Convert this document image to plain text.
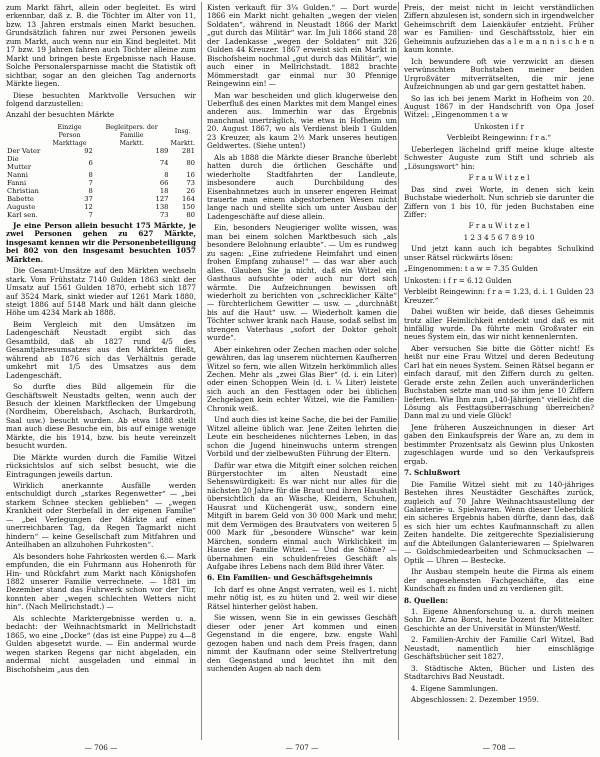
zum Markt fährt, allein oder begleitet. Es wird erkennbar, daß z. B. die Töchter im Alter von 11, bzw. 13 Jahren erstmals einen Markt besuchen. Grundsätzlich fahren nur zwei Personen jeweils zum Markt, auch wenn nur ein Kind begleitet. Mit 17 bzw. 19 Jahren fahren auch Töchter alleine zum Markt und bringen beste Ergebnisse nach Hause. Solche Personalersparnisse macht die Statistik oft sichtbar, sogar an den gleichen Tag andernorts Märkte liegen.

Diese besuchten Marktvolle Versuchen wir folgend darzustellen:

Anzahl der besuchten Märkte

	Einzige Person	Begleitpers. der Familie	Insg.
	Markttage	Marktt.	Marktt.
Der Vater	92	189	281
Die Mutter	6	74	80
Nanni	8	8	16
Fanni	7	66	73
Christian	8	18	26
Babette	37	127	164
Auguste	12	138	150
Karl sen.	7	73	80

Je eine Person allein besucht 175 Märkte, je zwei Personen gehen zu 627 Märkte, insgesamt kennen wir die Personenbeteiligung bei 802 von den insgesamt besuchten 1057 Märkten.

Die Gesamt-Umsätze auf den Märkten wechseln stark. Vom Frühstatz 7140 Gulden 1863 sinkt der Umsatz auf 1561 Gulden 1870, erhebt sich 1877 auf 3524 Mark, sinkt wieder auf 1261 Mark 1880, steigt 1886 auf 5148 Mark und hält dann gleiche Höhe um 4234 Mark ab 1888.

Beim Vergleich mit den Umsätzen im Ladengeschäft Neustadt ergibt sich das Gesamtbild, daß ab 1827 rund 4/5 des Gesamtjahresumsatzes aus den Märkten fließt, während ab 1876 sich das Verhältnis gerade umkehrt mit 1/5 des Umsatzes aus dem Ladengeschäft.

So durfte dies Bild allgemein für die Geschäftswelt Neustadts gelten, wenn auch der Besuch der kleinen Marktflecken der Umgebung (Nordheim, Oberelsbach, Aschach, Burkardroth, Saal usw.) besucht wurden. Ab etwa 1888 stellt man auch diese Besuche ein, bis auf einige wenige Märkte, die bis 1914, bzw. bis heute vereinzelt besucht wurden.

Die Märkte wurden durch die Familie Witzel rücksichtslos auf sich selbst besucht, wie die Eintragungen jeweils dartun.

Wirklich anerkannte Ausfälle werden entschuldigt durch „starkes Regenwetter“ — „bei starkem Schnee stecken geblieben“ — „wegen Krankheit oder Sterbefall in der eigenen Familie“ — „bei Verlegungen der Märkte auf einen unerreichbaren Tag, da Regen Tagmarkt nicht hindern“ — keine Gesellschaft zum Mitfahren und Anteilhaben an allzuhohen Fuhrkosten“.

Als besonders hohe Fahrkosten werden 6.— Mark empfunden, die ein Fuhrmann aus Hohenroth für Hin- und Rückfahrt zum Markt nach Königshofen 1882 unserer Familie verrechnete. — 1881 im Dezember stand das Fuhrwerk schon vor der Tür, konnten aber „wegen schlechten Wetters nicht hin“. (Nach Mellrichstadt.) —

Als schlechte Marktergebnisse werden u. a. bedacht: der Weihnachtsmarkt in Mellrichstadt 1865, wo eine „Docke“ (das ist eine Puppe) zu 4—8 Gulden abgesetzt wurde. — Ein andermal wurde wegen starken Regens gar nicht abgeladen, ein andermal nicht ausgeladen und einmal in Bischofsheim „aus den

Kisten verkauft für 3¼ Gulden.“ — Dort wurde 1866 ein Markt nicht gehalten „wegen der vielen Soldaten“, während in Neustadt 1866 der Markt „gut durch das Militär“ war. Im Juli 1866 stand 28 der Ladenkasse „wegen der Soldaten“ mit 326 Gulden 44 Kreuzer. 1867 erweist sich ein Markt in Bischofsheim nochmal „gut durch das Militär“, wie auch einer in Mellrichstadt. 1882 brachte Mömmerstadt gar einmal nur 30 Pfennige Reingewinn ein! —

Man war bescheiden und glich klugerweise den Ueberfluß des einen Marktes mit dem Mangel eines anderen aus. Immerhin war das Ergebnis manchmal unerträglich, wie etwa in Hofheim um 20. August 1867, wo als Verdienst bleib 1 Gulden 23 Kreuzer, als kaum 2½ Mark unseres heutigen Geldwertes. (Siehe unten!)

Als ab 1888 die Märkte dieser Branche überlebt hatten durch die örtlichen Geschäfte und wiederholte Stadtfahrten der Landleute, insbesondere auch Durchbildung des Eisenbahnnetzes auch in unserer engeren Heimat trauerte man einem abgestorbenen Wesen nicht lange nach und stellte sich um unter Ausbau der Ladengeschäfte auf diese allein.

Ein, besonders Neugieriger wollte wissen, was man bei einem solchen Marktbesuch sich „als besondere Belohnung erlaubte“. — Um es rundweg zu sagen: „Eine zufriedene Heimfahrt und einen frohen Empfang zuhause!“ — das war aber auch alles. Glauben Sie ja nicht, daß ein Witzel ein Gasthaus aufsuchte oder auch nur dort sich wärmte. Die Aufzeichnungen bewissen oft wiederholt zu berichten von „schrecklicher Kälte“ — fürchterlichem Gewitter — usw. — „durchnäßt bis auf die Haut“ usw. — Wiederholt kamen die Töchter schwer krank nach Hause, sodaß selbst im strengen Vaterhaus „sofort der Doktor geholt wurde“.

Aber einkehren oder Zechen machen oder solche gewähren, das lag unserem nüchternen Kaufherren Witzel so fern, wie allen Witzeln herkömmlich alles Zechen. Mehr als „zwei Glas Bier“ (d. i. ein Liter) oder einen Schoppen Wein (d. i. ¼ Liter) leistete sich auch an den Festtagen oder bei üblichen Zechgelagen kein echter Witzel, wie die Familien-Chronik weiß.

Und auch dies ist keine Sache, die bei der Familie Witzel alleine üblich war. Jene Zeiten lehrten die Leute ein bescheidenes nüchternes Leben, in das schon die Jugend hineinwuchs unterm strengen Vorbild und der zielbewußten Führung der Eltern.

Dafür war etwa die Mitgift einer solchen reichen Bürgerstochter im alten Neustadt eine Sehenswürdigkeit: Es war nicht nur alles für die nächsten 20 Jahre für die Braut und ihren Haushalt übersichtlich da an Wäsche, Kleidern, Schuhen, Hausrat und Küchengerät usw., sondern eine Mitgift in barem Geld von 30 000 Mark und mehr, mit dem Vermögen des Brautvaters von weiteren 5 000 Mark für „besondere Wünsche“ war kein Märchen, sondern einmal auch Wirklichkeit im Hause der Familie Witzel. — Und die Söhne? — übernahmen ein schuldenfreies Geschäft als Aufgabe ihres Lebens nach dem Bild ihrer Väter.

6. Ein Familien- und Geschäftsgeheimnis

Ich darf es ohne Angst verraten, weil es 1. nicht mehr nötig ist, es zu hüten und 2. weil wir diese Rätsel hinterher gelöst haben.

Sie wissen, wenn Sie in ein gewisses Geschäft dieser oder jener Art kommen und einen Gegenstand in die engere, bzw. engste Wahl gezogen haben und nach dem Preis fragen, dann nimmt der Kaufmann oder seine Stellvertretung den Gegenstand und leuchtet ihn mit den suchenden Augen ab nach dem

Preis, der meist nicht in leicht verständlichen Ziffern abzulesen ist, sondern sich in irgendwelcher Geheimschrift dem Laienkäufer entzieht. Früher war es Familien- und Geschäftsstolz, hier ein Geheimnis aufzuziehen das a l e m a n n i s c h e n kaum konnte.

Ich bewundere oft wie verzwickt an diesen verwünschten Buchstaben meiner beiden Urgroßväter mitverrätselten, die mir jene Aufzeichnungen ab und gar gern gestattet haben.

So las ich bei jenem Markt in Hofheim von 20. August 1867 in der Handschrift von Opa Josef Witzel: „Eingenommen t a w

Unkosten i f r

Verbleibt Reingewinn: f r a.“

Ueberlegen lächelnd griff meine kluge alteste Schwester Auguste zum Stift und schrieb als „Lösungswort“ hin:

F r a u W i t z e l

Das sind zwei Worte, in denen sich kein Buchstabe wiederholt. Nun schrieb sie darunter die Ziffern von 1 bis 10, für jeden Buchstaben eine Ziffer:

F r a u W i t z e l

1 2 3 4 5 6 7 8 9 10

Und jetzt kann auch ich begabtes Schulkind unser Rätsel rückwärts lösen:

„Eingenommen: t a w = 7.35 Gulden

Unkosten: i f r = 6.12 Gulden

Verbleibt Reingewinn: f r a = 1.23, d. i. 1 Gulden 23 Kreuzer.“

Dabei wußten wir beide, daß dieses Geheimnis trotz aller Heimlichkeit entdeckt und daß es mit hinfällig wurde. Da führte mein Großvater ein neues System ein, das wir nicht kennenlernten.

Aber versuchen Sie bitte die Götter nicht! Es heißt nur eine Frau Witzel und deren Bedeutung Carl hat ein neues System. Seinen Rätsel begann er einfach darauf, mit den Ziffern durch zu gelten. Gerade erste zehn Zeilen auch unveränderlichen Buchstaben setzte man und so ihm jene 10 Ziffern lieferten. Wie Ihm zum „140-Jährigen“ vielleicht die Lösung als Festtagsüberraschung überreichen? Dann mal zu und viele Glück!

Jene früheren Auszeichnungen in dieser Art gaben den Einkaufspreis der Ware an, zu dem in bestimmter Prozentsatz als Gewinn plus Unkosten zugeschlagen wurde und so den Verkaufspreis ergab.

7. Schlußwort

Die Familie Witzel sieht mit zu 140-jähriges Bestehen ihres Neustädter Geschäftes zurück, zugleich auf 70 Jahre Weihnachtsaustellung der Galanterie- u. Spielwaren. Wenn dieser Ueberblick ein sicheres Ergebnis haben dürfte, dann das, daß es sich hier um echtes Kaufmannschaft zu allen Zeiten handelte. Die zeitgerechte Spezialisierung auf die Abteilungen Galanteriewaren — Spielwaren — Goldschmiedearbeiten und Schmucksachen — Optik — Uhren — Bestecke.

Ihr Ausbau stempeln heute die Firma als einem der angesehensten Fachgeschäfte, das eine Kundschaft zu finden und zu verdienen gilt.

8. Quellen:

1. Eigene Ahnenforschung u. a. durch meinen Sohn Dr. Arno Borst, heute Dozent für Mittelalter. Geschichte an der Universität in Münster/Westf.

2. Familien-Archiv der Familie Carl Witzel, Bad Neustadt, namentlich hier einschlägige Geschäftsbücher seit 1827.

3. Städtische Akten, Bücher und Listen des Stadtarchivs Bad Neustadt.

4. Eigene Sammlungen.

Abgeschlossen: 2. Dezember 1959.

— 706 —	— 707 —	— 708 —
